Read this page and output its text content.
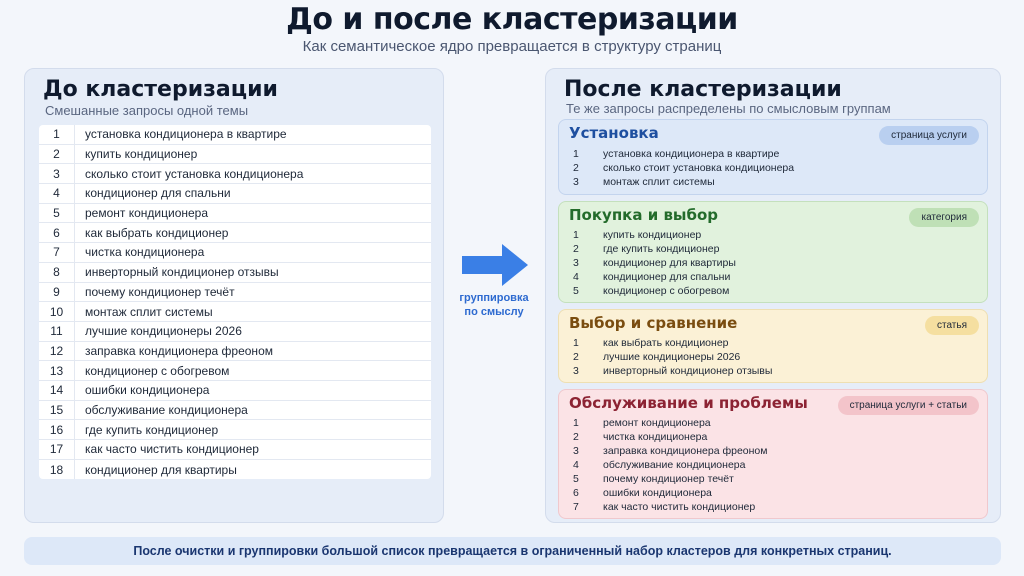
До и после кластеризации
Как семантическое ядро превращается в структуру страниц
До кластеризации
Смешанные запросы одной темы
1	установка кондиционера в квартире
2	купить кондиционер
3	сколько стоит установка кондиционера
4	кондиционер для спальни
5	ремонт кондиционера
6	как выбрать кондиционер
7	чистка кондиционера
8	инверторный кондиционер отзывы
9	почему кондиционер течёт
10	монтаж сплит системы
11	лучшие кондиционеры 2026
12	заправка кондиционера фреоном
13	кондиционер с обогревом
14	ошибки кондиционера
15	обслуживание кондиционера
16	где купить кондиционер
17	как часто чистить кондиционер
18	кондиционер для квартиры
группировка
по смыслу
После кластеризации
Те же запросы распределены по смысловым группам
Установка	страница услуги
1	установка кондиционера в квартире
2	сколько стоит установка кондиционера
3	монтаж сплит системы
Покупка и выбор	категория
1	купить кондиционер
2	где купить кондиционер
3	кондиционер для квартиры
4	кондиционер для спальни
5	кондиционер с обогревом
Выбор и сравнение	статья
1	как выбрать кондиционер
2	лучшие кондиционеры 2026
3	инверторный кондиционер отзывы
Обслуживание и проблемы	страница услуги + статьи
1	ремонт кондиционера
2	чистка кондиционера
3	заправка кондиционера фреоном
4	обслуживание кондиционера
5	почему кондиционер течёт
6	ошибки кондиционера
7	как часто чистить кондиционер
После очистки и группировки большой список превращается в ограниченный набор кластеров для конкретных страниц.
